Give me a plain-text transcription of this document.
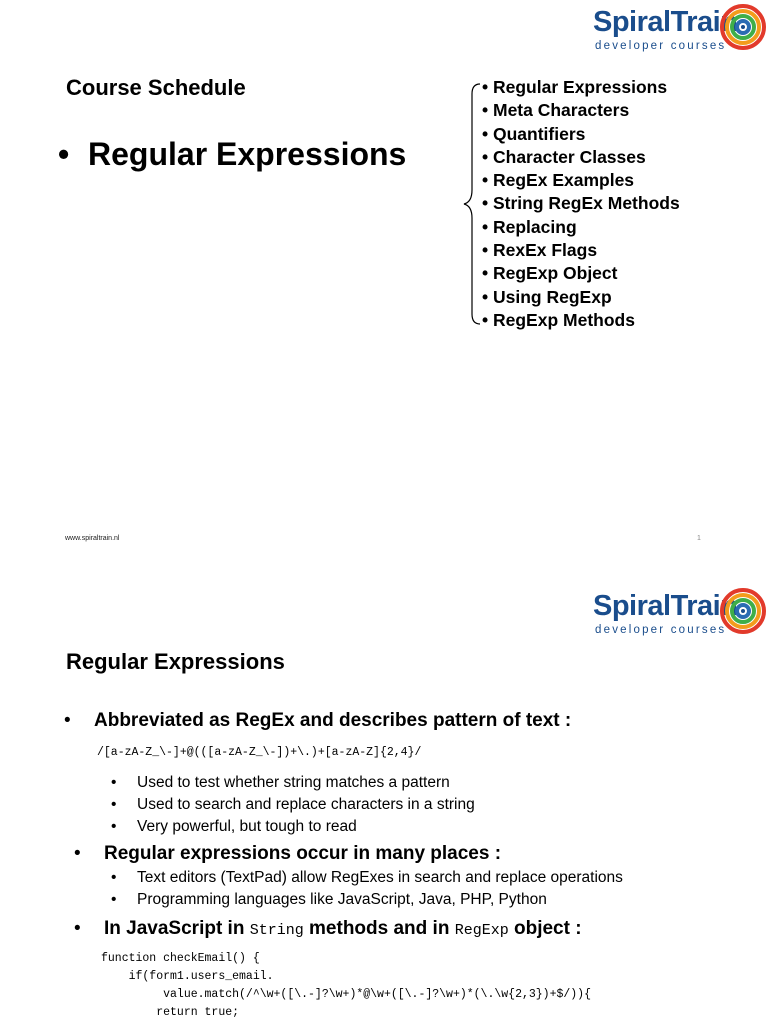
SpiralTrain
developer courses
Course Schedule
• Regular Expressions
• Regular Expressions
• Meta Characters
• Quantifiers
• Character Classes
• RegEx Examples
• String RegEx Methods
• Replacing
• RexEx Flags
• RegExp Object
• Using RegExp
• RegExp Methods
www.spiraltrain.nl	1
SpiralTrain
developer courses
Regular Expressions
• Abbreviated as RegEx and describes pattern of text :
/[a-zA-Z_\-]+@(([a-zA-Z_\-])+\.)+[a-zA-Z]{2,4}/
• Used to test whether string matches a pattern
• Used to search and replace characters in a string
• Very powerful, but tough to read
• Regular expressions occur in many places :
• Text editors (TextPad) allow RegExes in search and replace operations
• Programming languages like JavaScript, Java, PHP, Python
• In JavaScript in String methods and in RegExp object :
function checkEmail() {
if(form1.users_email.
value.match(/^\w+([\.-]?\w+)*@\w+([\.-]?\w+)*(\.\w{2,3})+$/)){
return true;
